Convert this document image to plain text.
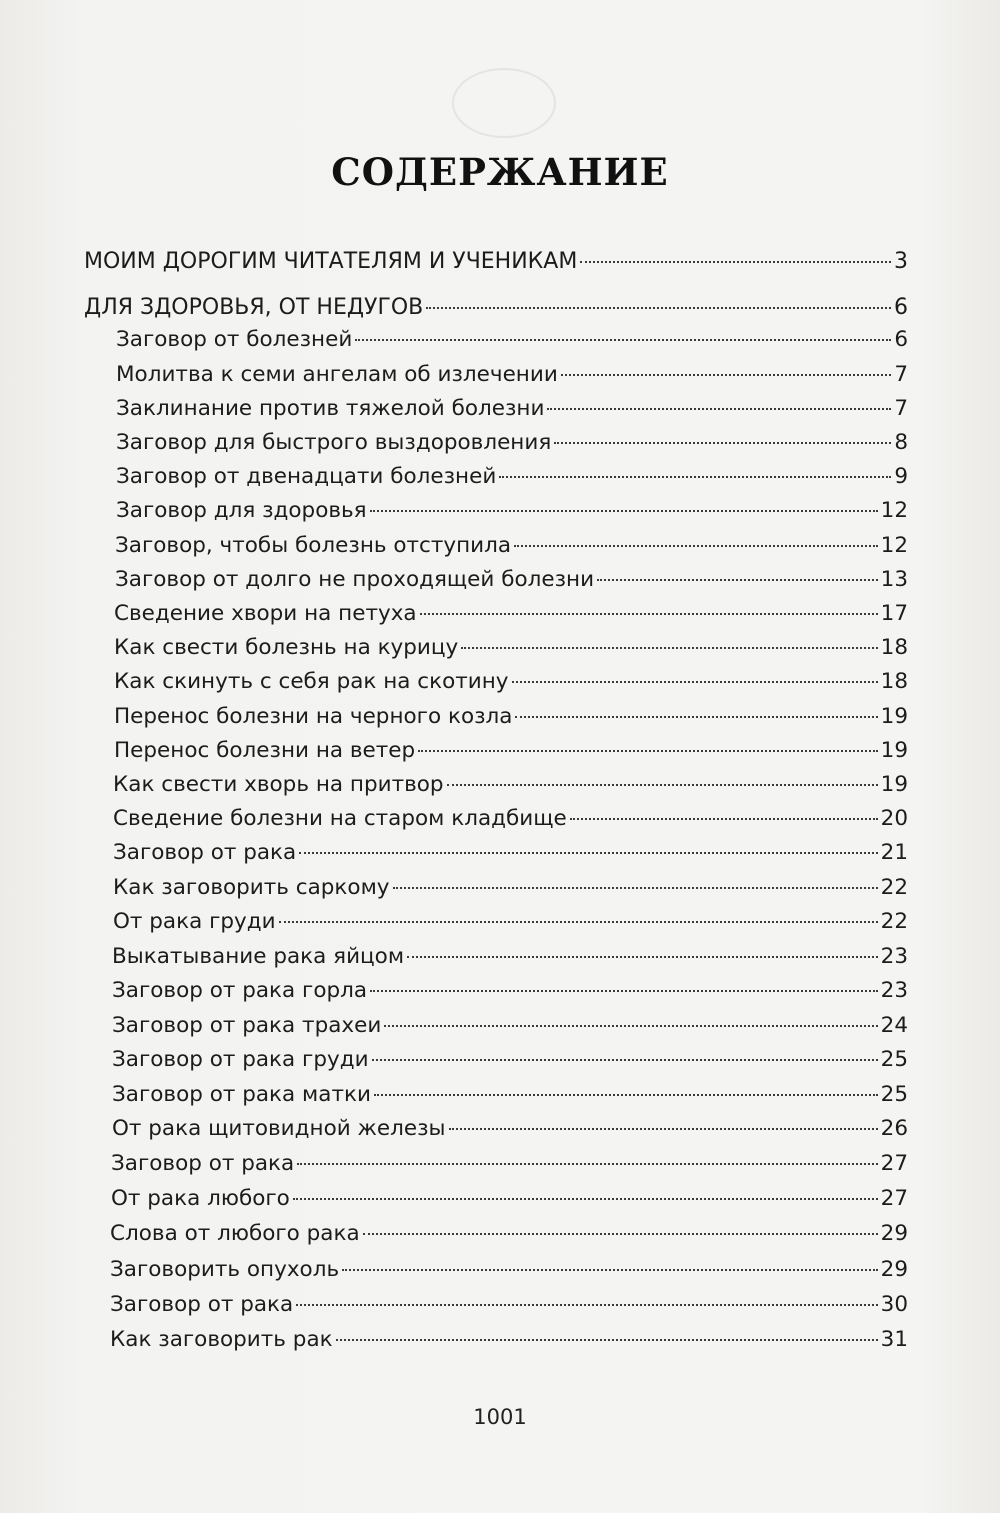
СОДЕРЖАНИЕ
МОИМ ДОРОГИМ ЧИТАТЕЛЯМ И УЧЕНИКАМ	3
ДЛЯ ЗДОРОВЬЯ, ОТ НЕДУГОВ	6
Заговор от болезней	6
Молитва к семи ангелам об излечении	7
Заклинание против тяжелой болезни	7
Заговор для быстрого выздоровления	8
Заговор от двенадцати болезней	9
Заговор для здоровья	12
Заговор, чтобы болезнь отступила	12
Заговор от долго не проходящей болезни	13
Сведение хвори на петуха	17
Как свести болезнь на курицу	18
Как скинуть с себя рак на скотину	18
Перенос болезни на черного козла	19
Перенос болезни на ветер	19
Как свести хворь на притвор	19
Сведение болезни на старом кладбище	20
Заговор от рака	21
Как заговорить саркому	22
От рака груди	22
Выкатывание рака яйцом	23
Заговор от рака горла	23
Заговор от рака трахеи	24
Заговор от рака груди	25
Заговор от рака матки	25
От рака щитовидной железы	26
Заговор от рака	27
От рака любого	27
Слова от любого рака	29
Заговорить опухоль	29
Заговор от рака	30
Как заговорить рак	31
1001
